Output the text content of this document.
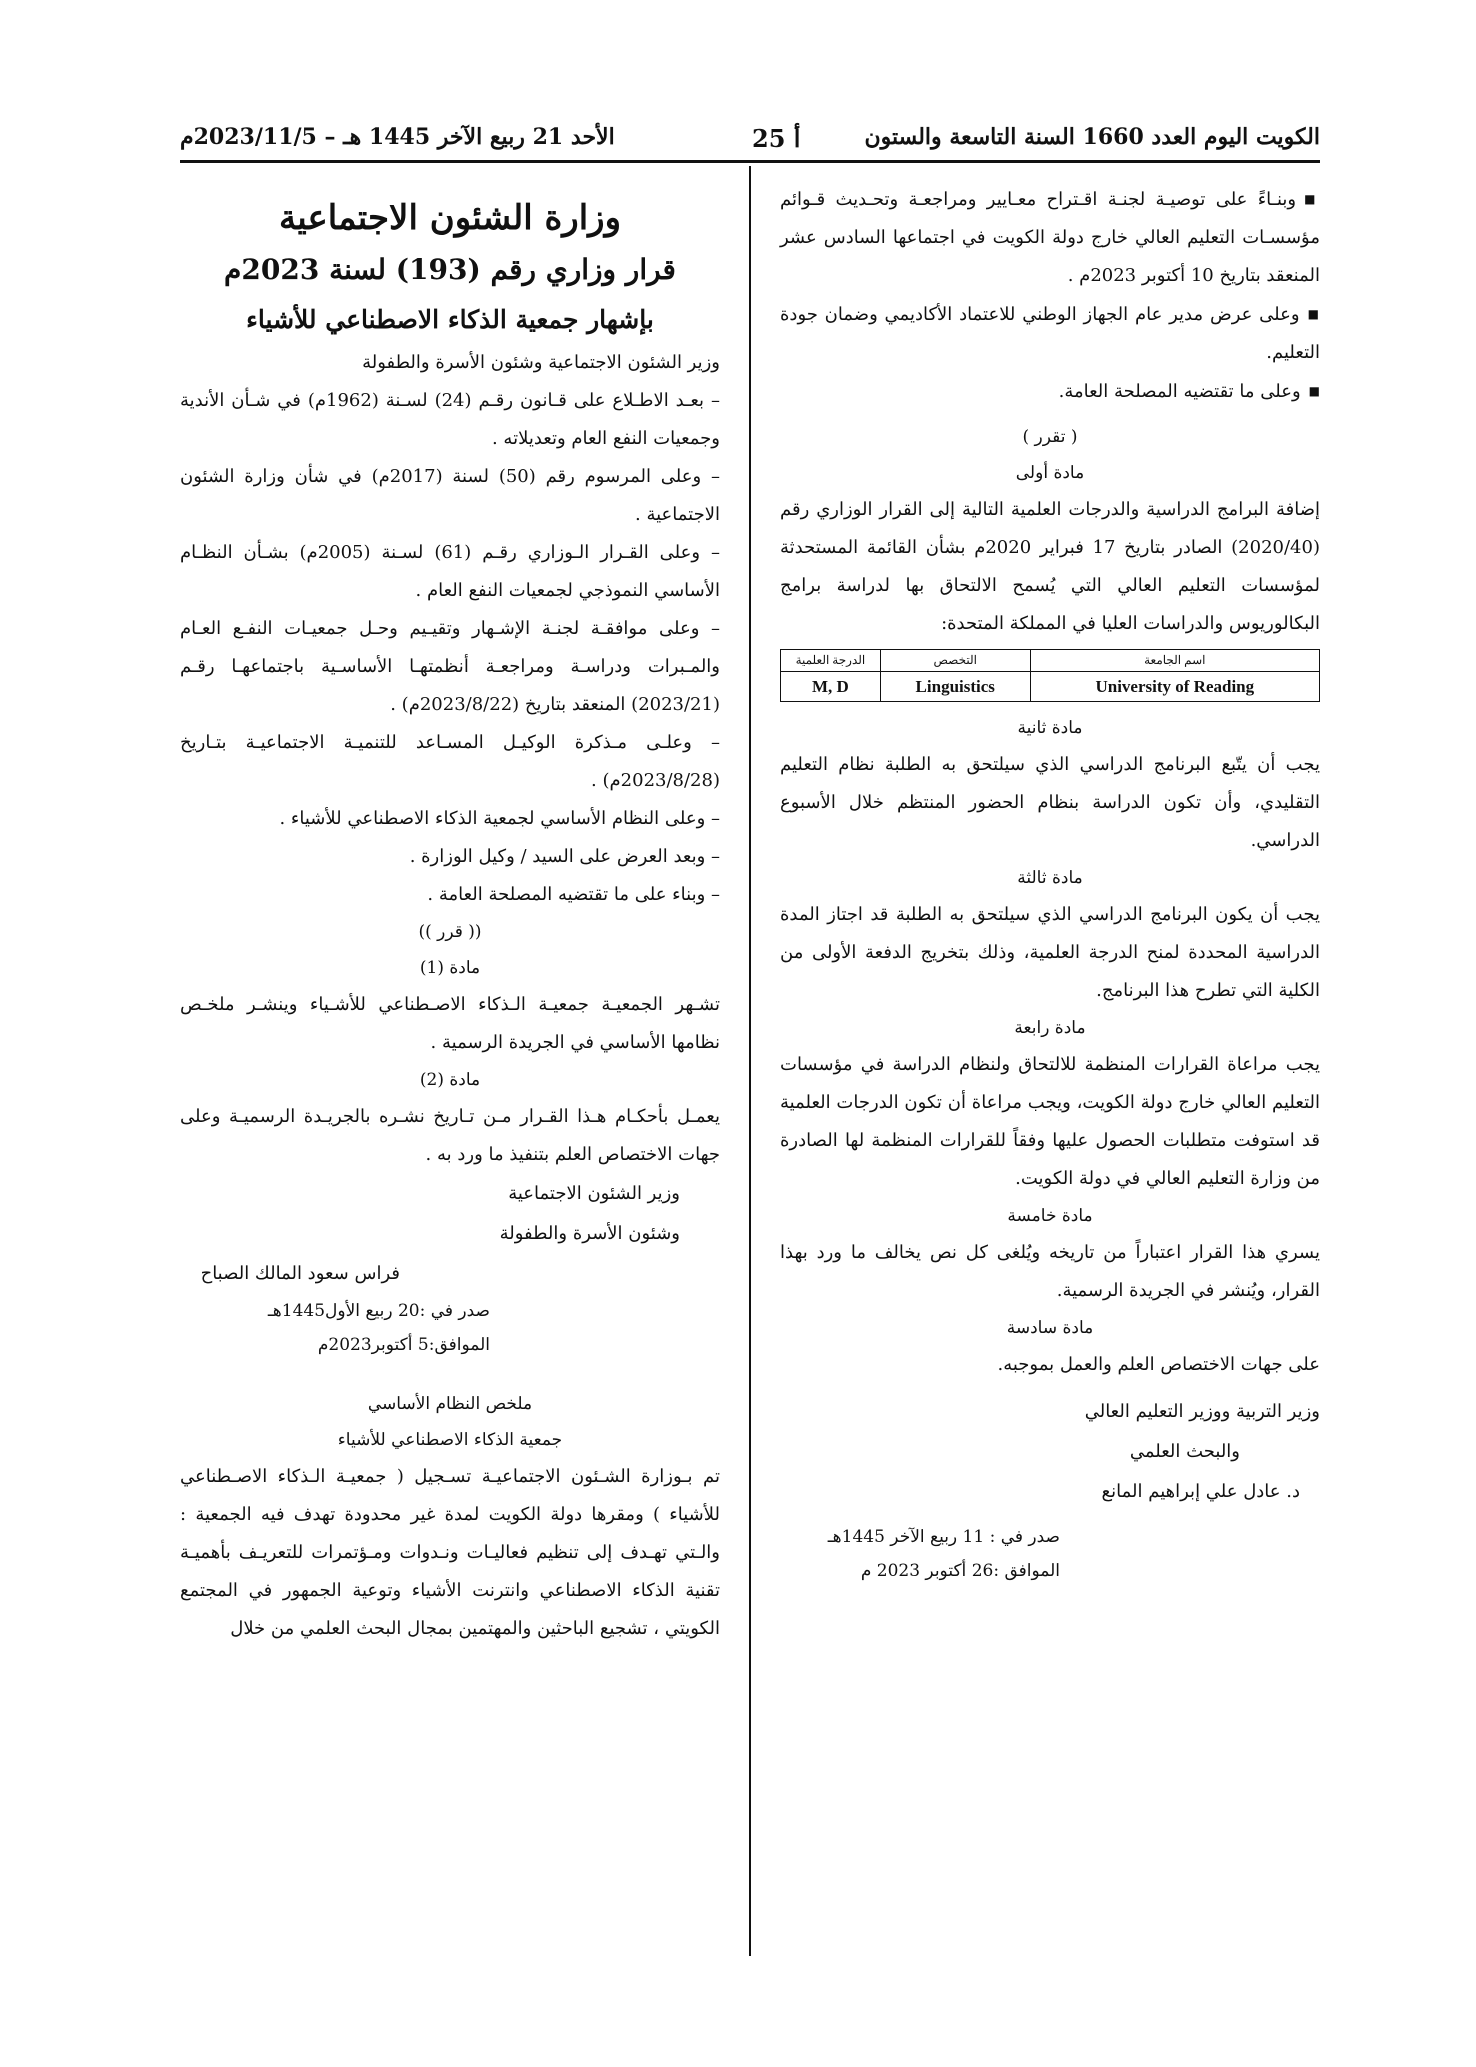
الكويت اليوم العدد 1660 السنة التاسعة والستون
أ 25
الأحد 21 ربيع الآخر 1445 هـ – 2023/11/5م

■ وبنـاءً على توصيـة لجنـة اقـتراح معـايير ومراجعـة وتحـديث قـوائم مؤسسـات التعليم العالي خارج دولة الكويت في اجتماعها السادس عشر المنعقد بتاريخ 10 أكتوبر 2023م .

■ وعلى عرض مدير عام الجهاز الوطني للاعتماد الأكاديمي وضمان جودة التعليم.

■ وعلى ما تقتضيه المصلحة العامة.

( تقرر )

مادة أولى

إضافة البرامج الدراسية والدرجات العلمية التالية إلى القرار الوزاري رقم (2020/40) الصادر بتاريخ 17 فبراير 2020م بشأن القائمة المستحدثة لمؤسسات التعليم العالي التي يُسمح الالتحاق بها لدراسة برامج البكالوريوس والدراسات العليا في المملكة المتحدة:

اسم الجامعة	التخصص	الدرجة العلمية
University of Reading	Linguistics	M, D

مادة ثانية

يجب أن يتّبع البرنامج الدراسي الذي سيلتحق به الطلبة نظام التعليم التقليدي، وأن تكون الدراسة بنظام الحضور المنتظم خلال الأسبوع الدراسي.

مادة ثالثة

يجب أن يكون البرنامج الدراسي الذي سيلتحق به الطلبة قد اجتاز المدة الدراسية المحددة لمنح الدرجة العلمية، وذلك بتخريج الدفعة الأولى من الكلية التي تطرح هذا البرنامج.

مادة رابعة

يجب مراعاة القرارات المنظمة للالتحاق ولنظام الدراسة في مؤسسات التعليم العالي خارج دولة الكويت، ويجب مراعاة أن تكون الدرجات العلمية قد استوفت متطلبات الحصول عليها وفقاً للقرارات المنظمة لها الصادرة من وزارة التعليم العالي في دولة الكويت.

مادة خامسة

يسري هذا القرار اعتباراً من تاريخه ويُلغى كل نص يخالف ما ورد بهذا القرار، ويُنشر في الجريدة الرسمية.

مادة سادسة

على جهات الاختصاص العلم والعمل بموجبه.

وزير التربية ووزير التعليم العالي

والبحث العلمي

د. عادل علي إبراهيم المانع

صدر في : 11 ربيع الآخر 1445هـ

الموافق :26 أكتوبر 2023 م

وزارة الشئون الاجتماعية

قرار وزاري رقم (193) لسنة 2023م

بإشهار جمعية الذكاء الاصطناعي للأشياء

وزير الشئون الاجتماعية وشئون الأسرة والطفولة

– بعـد الاطـلاع على قـانون رقـم (24) لسـنة (1962م) في شـأن الأندية وجمعيات النفع العام وتعديلاته .

– وعلى المرسوم رقم (50) لسنة (2017م) في شأن وزارة الشئون الاجتماعية .

– وعلى القـرار الـوزاري رقـم (61) لسـنة (2005م) بشـأن النظـام الأساسي النموذجي لجمعيات النفع العام .

– وعلى موافقـة لجنـة الإشـهار وتقيـيم وحـل جمعيـات النفـع العـام والمـبرات ودراسـة ومراجعـة أنظمتهـا الأساسـية باجتماعهـا رقـم (2023/21) المنعقد بتاريخ (2023/8/22م) .

– وعلـى مـذكرة الوكيـل المسـاعد للتنميـة الاجتماعيـة بتـاريخ (2023/8/28م) .

– وعلى النظام الأساسي لجمعية الذكاء الاصطناعي للأشياء .

– وبعد العرض على السيد / وكيل الوزارة .

– وبناء على ما تقتضيه المصلحة العامة .

(( قرر ))

مادة (1)

تشـهر الجمعيـة جمعيـة الـذكاء الاصـطناعي للأشـياء وينشـر ملخـص نظامها الأساسي في الجريدة الرسمية .

مادة (2)

يعمـل بأحكـام هـذا القـرار مـن تـاريخ نشـره بالجريـدة الرسميـة وعلى جهات الاختصاص العلم بتنفيذ ما ورد به .

وزير الشئون الاجتماعية

وشئون الأسرة والطفولة

فراس سعود المالك الصباح

صدر في :20 ربيع الأول1445هـ

الموافق:5 أكتوبر2023م

ملخص النظام الأساسي

جمعية الذكاء الاصطناعي للأشياء

تم بـوزارة الشـئون الاجتماعيـة تسـجيل ( جمعيـة الـذكاء الاصـطناعي للأشياء ) ومقرها دولة الكويت لمدة غير محدودة تهدف فيه الجمعية : والـتي تهـدف إلى تنظيم فعاليـات ونـدوات ومـؤتمرات للتعريـف بأهميـة تقنية الذكاء الاصطناعي وانترنت الأشياء وتوعية الجمهور في المجتمع الكويتي ، تشجيع الباحثين والمهتمين بمجال البحث العلمي من خلال
